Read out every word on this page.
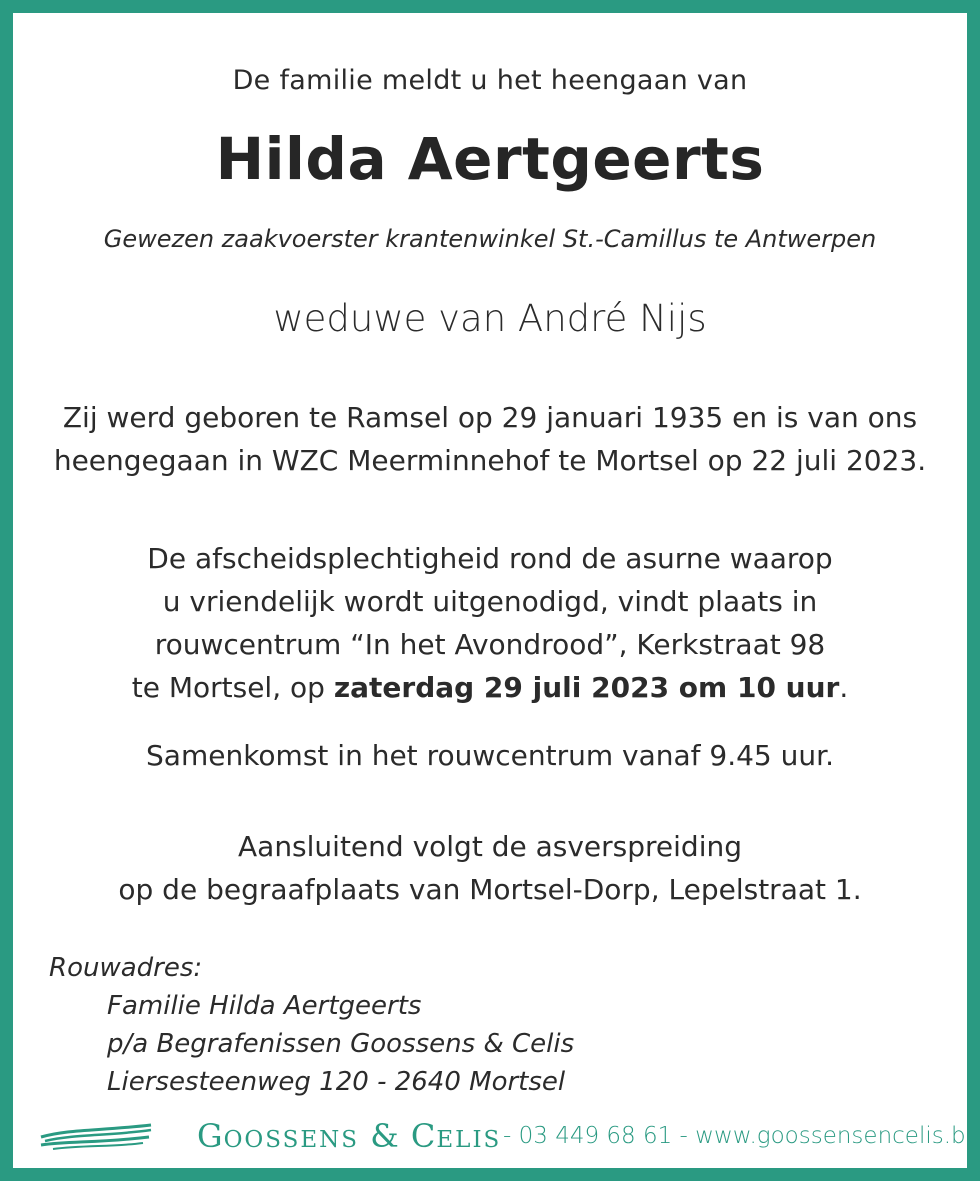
De familie meldt u het heengaan van
Hilda Aertgeerts
Gewezen zaakvoerster krantenwinkel St.-Camillus te Antwerpen
weduwe van André Nijs
Zij werd geboren te Ramsel op 29 januari 1935 en is van ons
heengegaan in WZC Meerminnehof te Mortsel op 22 juli 2023.
De afscheidsplechtigheid rond de asurne waarop
u vriendelijk wordt uitgenodigd, vindt plaats in
rouwcentrum “In het Avondrood”, Kerkstraat 98
te Mortsel, op zaterdag 29 juli 2023 om 10 uur.
Samenkomst in het rouwcentrum vanaf 9.45 uur.
Aansluitend volgt de asverspreiding
op de begraafplaats van Mortsel-Dorp, Lepelstraat 1.
Rouwadres:
Familie Hilda Aertgeerts
p/a Begrafenissen Goossens & Celis
Liersesteenweg 120 - 2640 Mortsel
GOOSSENS & CELIS - 03 449 68 61 - www.goossensencelis.be
